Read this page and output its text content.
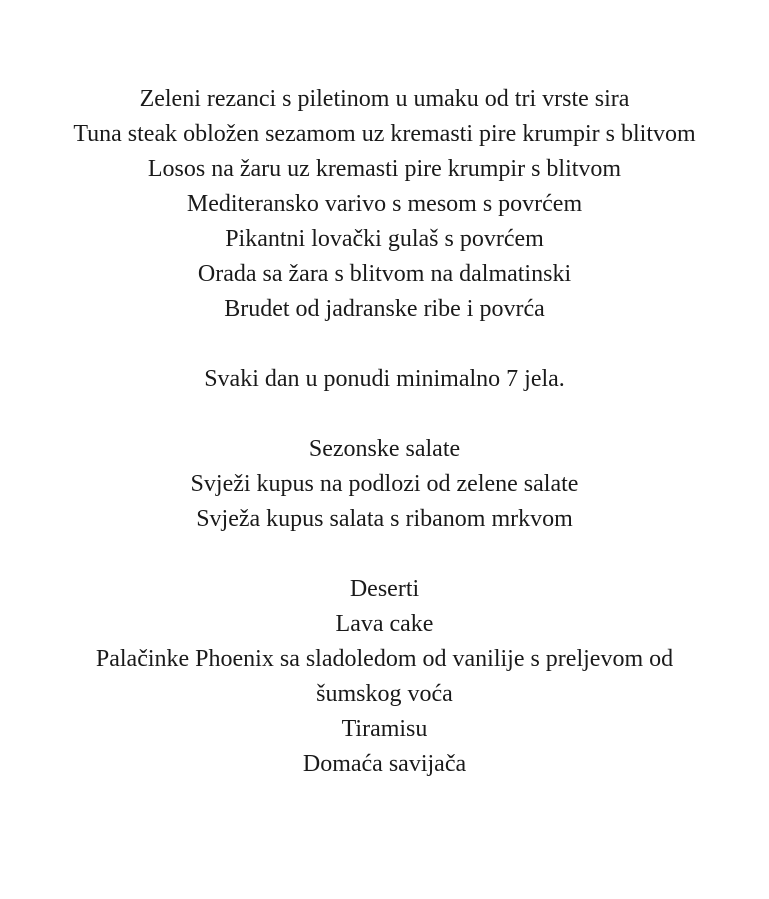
Zeleni rezanci s piletinom u umaku od tri vrste sira

Tuna steak obložen sezamom uz kremasti pire krumpir s blitvom

Losos na žaru uz kremasti pire krumpir s blitvom

Mediteransko varivo s mesom s povrćem

Pikantni lovački gulaš s povrćem

Orada sa žara s blitvom na dalmatinski

Brudet od jadranske ribe i povrća

Svaki dan u ponudi minimalno 7 jela.

Sezonske salate

Svježi kupus na podlozi od zelene salate

Svježa kupus salata s ribanom mrkvom

Deserti

Lava cake

Palačinke Phoenix sa sladoledom od vanilije s preljevom od šumskog voća

Tiramisu

Domaća savijača
